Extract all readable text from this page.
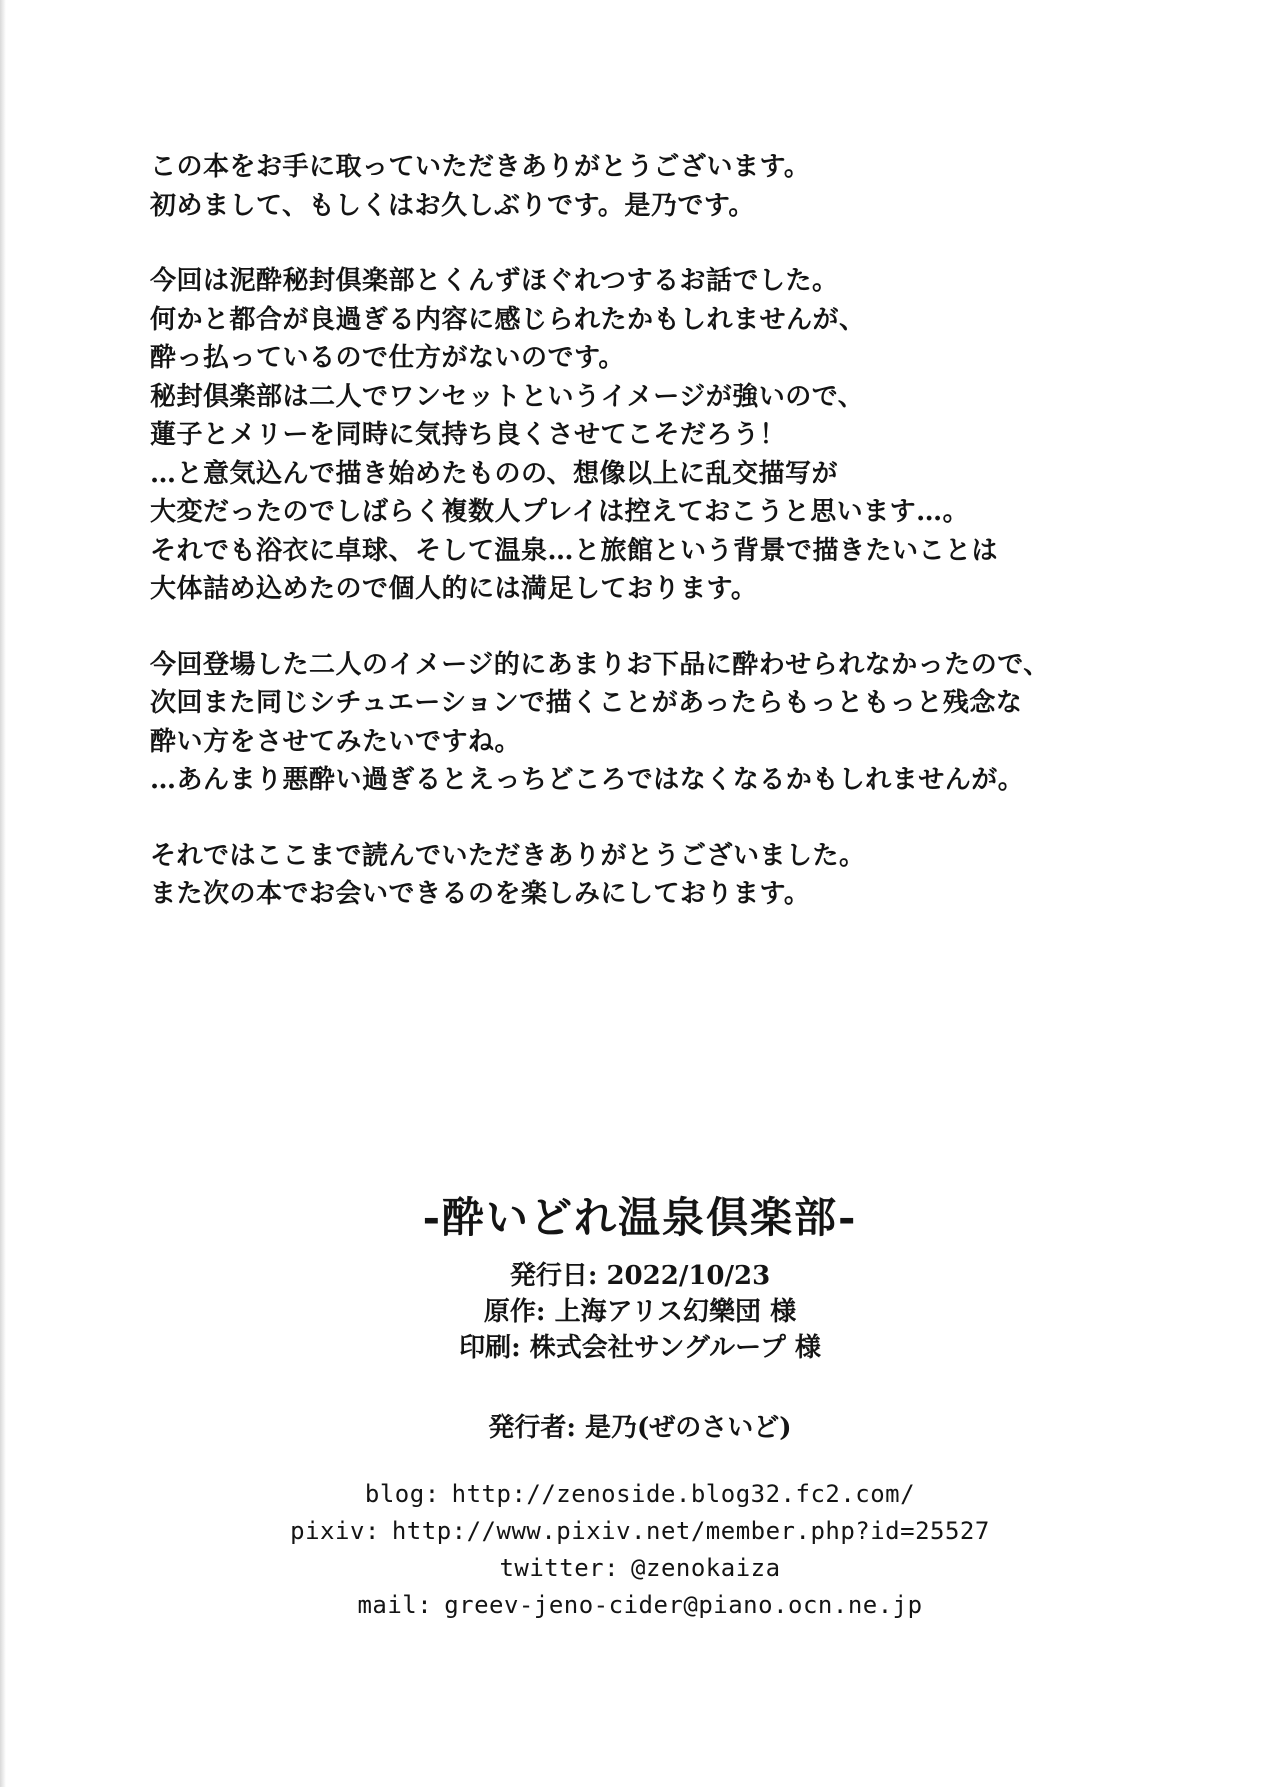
この本をお手に取っていただきありがとうございます。
初めまして、もしくはお久しぶりです。是乃です。
今回は泥酔秘封倶楽部とくんずほぐれつするお話でした。
何かと都合が良過ぎる内容に感じられたかもしれませんが、
酔っ払っているので仕方がないのです。
秘封倶楽部は二人でワンセットというイメージが強いので、
蓮子とメリーを同時に気持ち良くさせてこそだろう！
…と意気込んで描き始めたものの、想像以上に乱交描写が
大変だったのでしばらく複数人プレイは控えておこうと思います…。
それでも浴衣に卓球、そして温泉…と旅館という背景で描きたいことは
大体詰め込めたので個人的には満足しております。
今回登場した二人のイメージ的にあまりお下品に酔わせられなかったので、
次回また同じシチュエーションで描くことがあったらもっともっと残念な
酔い方をさせてみたいですね。
…あんまり悪酔い過ぎるとえっちどころではなくなるかもしれませんが。
それではここまで読んでいただきありがとうございました。
また次の本でお会いできるのを楽しみにしております。
-酔いどれ温泉倶楽部-
発行日: 2022/10/23
原作: 上海アリス幻樂団 様
印刷: 株式会社サングループ 様
発行者: 是乃(ぜのさいど)
blog: http://zenoside.blog32.fc2.com/
pixiv: http://www.pixiv.net/member.php?id=25527
twitter: @zenokaiza
mail: greev-jeno-cider@piano.ocn.ne.jp
